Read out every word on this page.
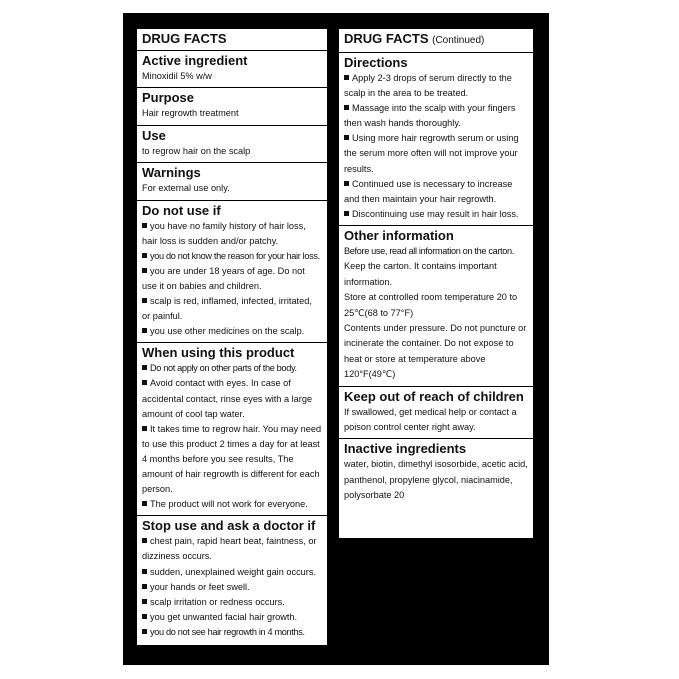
DRUG FACTS

Active ingredient

Minoxidil 5% w/w

Purpose

Hair regrowth treatment

Use

to regrow hair on the scalp

Warnings

For external use only.

Do not use if

you have no family history of hair loss, hair loss is sudden and/or patchy.

you do not know the reason for your hair loss.

you are under 18 years of age. Do not use it on babies and children.

scalp is red, inflamed, infected, irritated, or painful.

you use other medicines on the scalp.

When using this product

Do not apply on other parts of the body.

Avoid contact with eyes. In case of accidental contact, rinse eyes with a large amount of cool tap water.

It takes time to regrow hair. You may need to use this product 2 times a day for at least 4 months before you see results, The amount of hair regrowth is different for each person.

The product will not work for everyone.

Stop use and ask a doctor if

chest pain, rapid heart beat, faintness, or dizziness occurs.

sudden, unexplained weight gain occurs.

your hands or feet swell.

scalp irritation or redness occurs.

you get unwanted facial hair growth.

you do not see hair regrowth in 4 months.

DRUG FACTS (Continued)

Directions

Apply 2-3 drops of serum directly to the scalp in the area to be treated.

Massage into the scalp with your fingers then wash hands thoroughly.

Using more hair regrowth serum or using the serum more often will not improve your results.

Continued use is necessary to increase and then maintain your hair regrowth.

Discontinuing use may result in hair loss.

Other information

Before use, read all information on the carton.

Keep the carton. It contains important information.

Store at controlled room temperature 20 to 25℃(68 to 77°F)

Contents under pressure. Do not puncture or incinerate the container. Do not expose to heat or store at temperature above 120°F(49℃)

Keep out of reach of children

If swallowed, get medical help or contact a poison control center right away.

Inactive ingredients

water, biotin, dimethyl isosorbide, acetic acid, panthenol, propylene glycol, niacinamide, polysorbate 20
